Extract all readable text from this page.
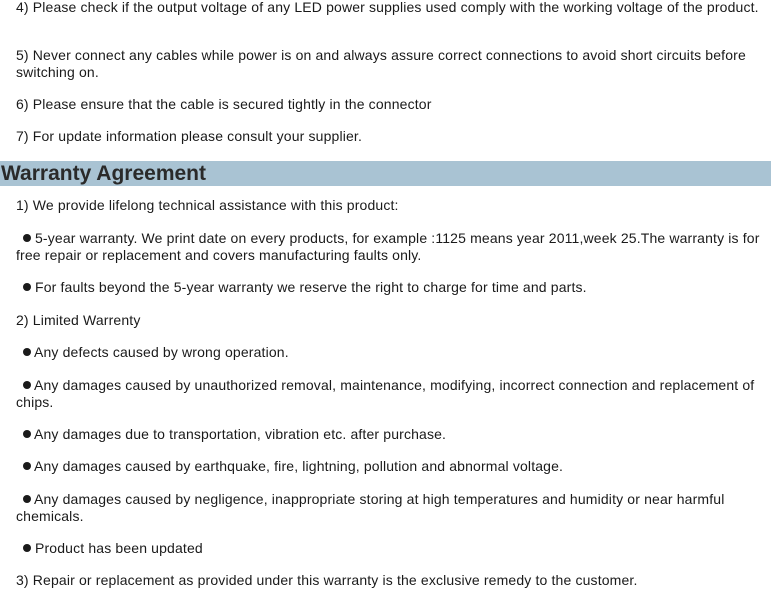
4) Please check if the output voltage of any LED power supplies used comply with the working voltage of the product.

5) Never connect any cables while power is on and always assure correct connections to avoid short circuits before switching on.

6) Please ensure that the cable is secured tightly in the connector

7) For update information please consult your supplier.

Warranty Agreement

1) We provide lifelong technical assistance with this product:

5-year warranty. We print date on every products, for example :1125 means year 2011,week 25.The warranty is for free repair or replacement and covers manufacturing faults only.

For faults beyond the 5-year warranty we reserve the right to charge for time and parts.

2) Limited Warrenty

Any defects caused by wrong operation.

Any damages caused by unauthorized removal, maintenance, modifying, incorrect connection and replacement of chips.

Any damages due to transportation, vibration etc. after purchase.

Any damages caused by earthquake, fire, lightning, pollution and abnormal voltage.

Any damages caused by negligence, inappropriate storing at high temperatures and humidity or near harmful chemicals.

Product has been updated

3) Repair or replacement as provided under this warranty is the exclusive remedy to the customer.
